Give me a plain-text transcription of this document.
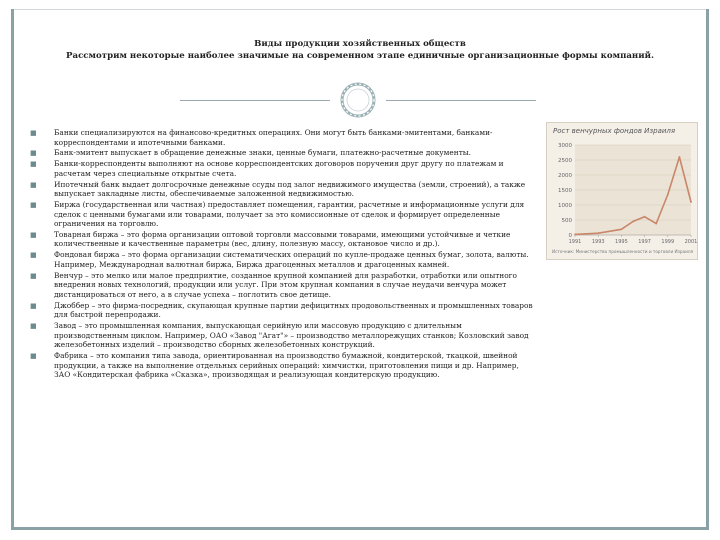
Виды продукции хозяйственных обществ
Рассмотрим некоторые наиболее значимые на современном этапе единичные организационные формы компаний.
■ Банки специализируются на финансово-кредитных операциях. Они могут быть банками-эмитентами, банками-корреспондентами и ипотечными банками.
■ Банк-эмитент выпускает в обращение денежные знаки, ценные бумаги, платежно-расчетные документы.
■ Банки-корреспонденты выполняют на основе корреспондентских договоров поручения друг другу по платежам и расчетам через специальные открытые счета.
■ Ипотечный банк выдает долгосрочные денежные ссуды под залог недвижимого имущества (земли, строений), а также выпускает закладные листы, обеспечиваемые заложенной недвижимостью.
■ Биржа (государственная или частная) предоставляет помещения, гарантии, расчетные и информационные услуги для сделок с ценными бумагами или товарами, получает за это комиссионные от сделок и формирует определенные ограничения на торговлю.
■ Товарная биржа – это форма организации оптовой торговли массовыми товарами, имеющими устойчивые и четкие количественные и качественные параметры (вес, длину, полезную массу, октановое число и др.).
■ Фондовая биржа – это форма организации систематических операций по купле-продаже ценных бумаг, золота, валюты. Например, Международная валютная биржа, Биржа драгоценных металлов и драгоценных камней.
■ Венчур – это мелко или малое предприятие, созданное крупной компанией для разработки, отработки или опытного внедрения новых технологий, продукции или услуг. При этом крупная компания в случае неудачи венчура может дистанцироваться от него, а в случае успеха – поглотить свое детище.
■ Джоббер – это фирма-посредник, скупающая крупные партии дефицитных продовольственных и промышленных товаров для быстрой перепродажи.
■ Завод – это промышленная компания, выпускающая серийную или массовую продукцию с длительным производственным циклом. Например, ОАО «Завод "Агат"» – производство металлорежущих станков; Козловский завод железобетонных изделий – производство сборных железобетонных конструкций.
■ Фабрика – это компания типа завода, ориентированная на производство бумажной, кондитерской, ткацкой, швейной продукции, а также на выполнение отдельных серийных операций: химчистки, приготовления пищи и др. Например, ЗАО «Кондитерская фабрика «Сказка», производящая и реализующая кондитерскую продукцию.
Рост венчурных фондов Израиля
0
500
1000
1500
2000
2500
3000
1991 1993 1995 1997 1999 2001
Источник: Министерство промышленности и торговли Израиля
